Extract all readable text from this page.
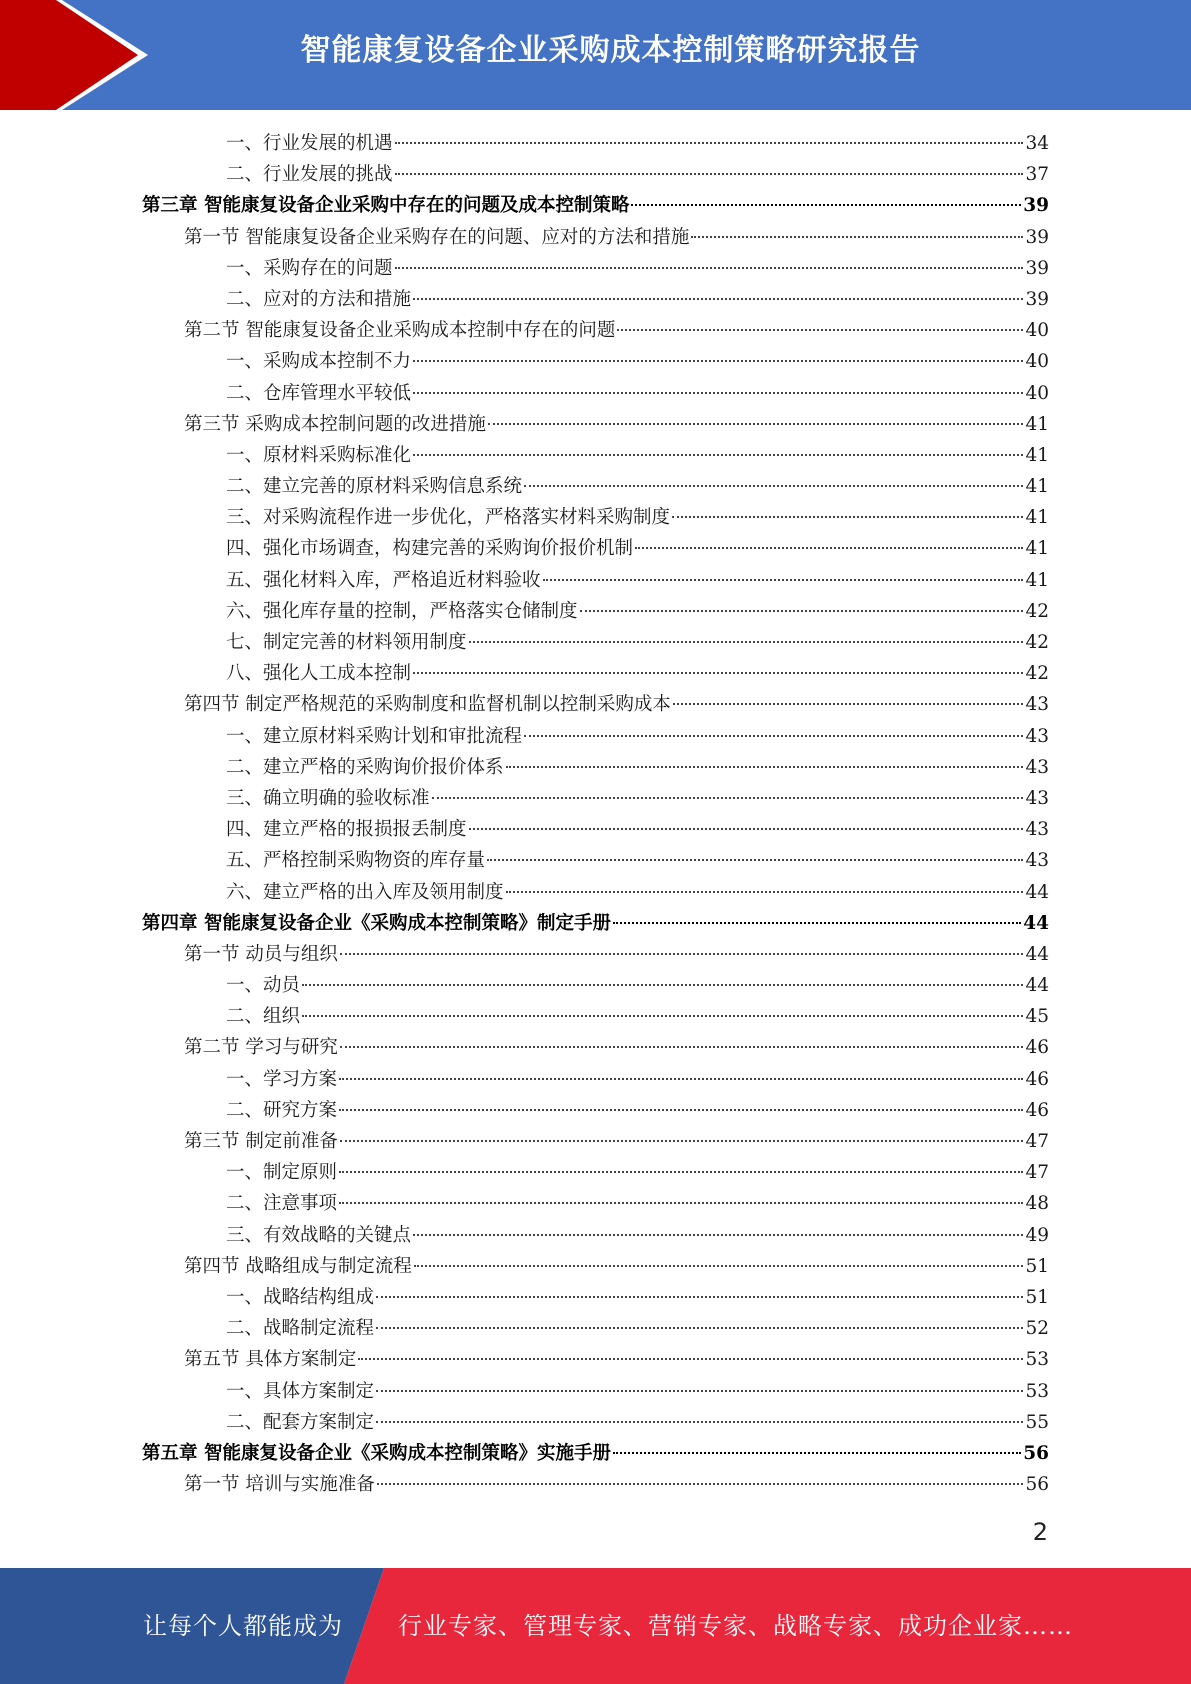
智能康复设备企业采购成本控制策略研究报告
一、行业发展的机遇	34
二、行业发展的挑战	37
第三章 智能康复设备企业采购中存在的问题及成本控制策略	39
第一节 智能康复设备企业采购存在的问题、应对的方法和措施	39
一、采购存在的问题	39
二、应对的方法和措施	39
第二节 智能康复设备企业采购成本控制中存在的问题	40
一、采购成本控制不力	40
二、仓库管理水平较低	40
第三节 采购成本控制问题的改进措施	41
一、原材料采购标准化	41
二、建立完善的原材料采购信息系统	41
三、对采购流程作进一步优化，严格落实材料采购制度	41
四、强化市场调查，构建完善的采购询价报价机制	41
五、强化材料入库，严格追近材料验收	41
六、强化库存量的控制，严格落实仓储制度	42
七、制定完善的材料领用制度	42
八、强化人工成本控制	42
第四节 制定严格规范的采购制度和监督机制以控制采购成本	43
一、建立原材料采购计划和审批流程	43
二、建立严格的采购询价报价体系	43
三、确立明确的验收标准	43
四、建立严格的报损报丢制度	43
五、严格控制采购物资的库存量	43
六、建立严格的出入库及领用制度	44
第四章 智能康复设备企业《采购成本控制策略》制定手册	44
第一节 动员与组织	44
一、动员	44
二、组织	45
第二节 学习与研究	46
一、学习方案	46
二、研究方案	46
第三节 制定前准备	47
一、制定原则	47
二、注意事项	48
三、有效战略的关键点	49
第四节 战略组成与制定流程	51
一、战略结构组成	51
二、战略制定流程	52
第五节 具体方案制定	53
一、具体方案制定	53
二、配套方案制定	55
第五章 智能康复设备企业《采购成本控制策略》实施手册	56
第一节 培训与实施准备	56
2
让每个人都能成为 行业专家、管理专家、营销专家、战略专家、成功企业家……
